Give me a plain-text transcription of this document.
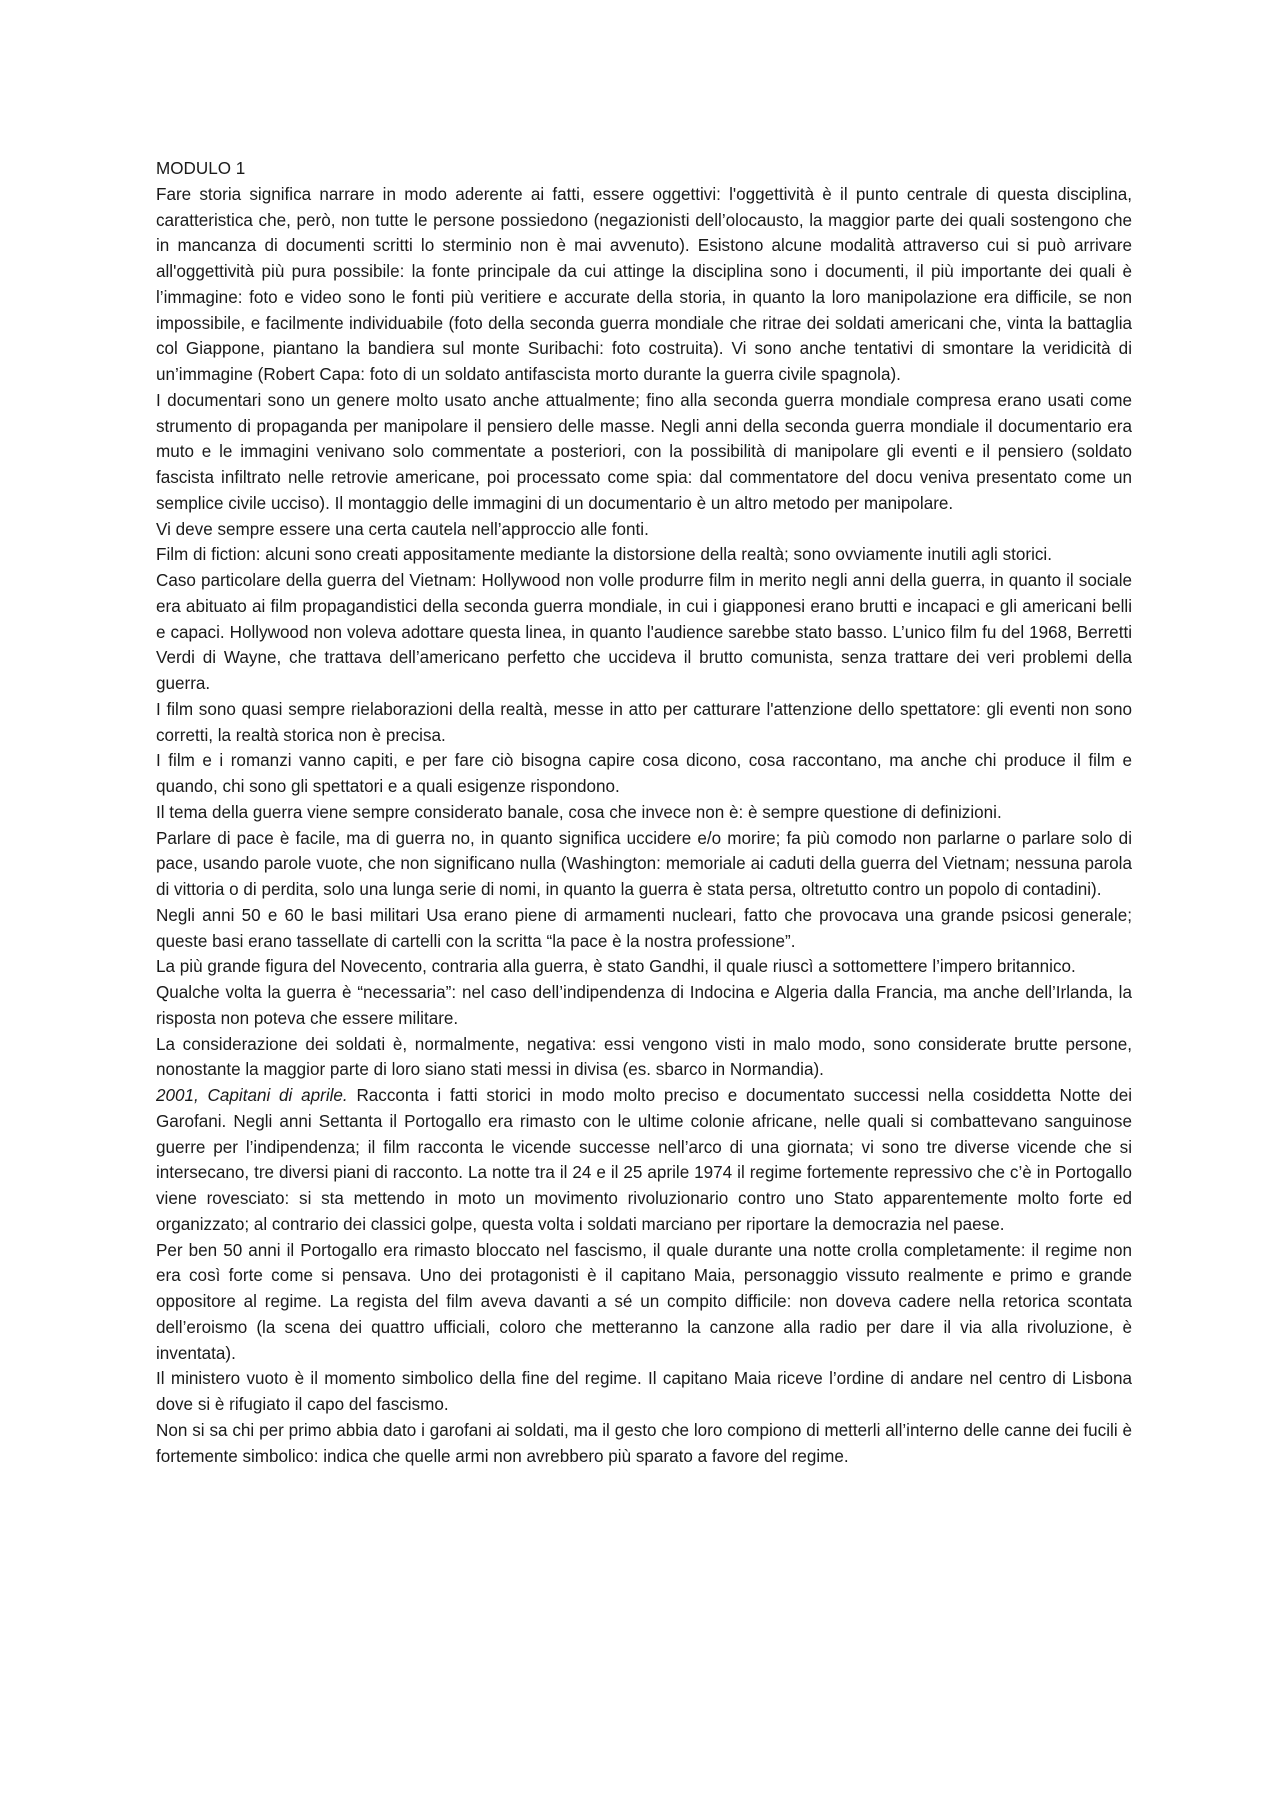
MODULO 1

Fare storia significa narrare in modo aderente ai fatti, essere oggettivi: l'oggettività è il punto centrale di questa disciplina, caratteristica che, però, non tutte le persone possiedono (negazionisti dell’olocausto, la maggior parte dei quali sostengono che in mancanza di documenti scritti lo sterminio non è mai avvenuto). Esistono alcune modalità attraverso cui si può arrivare all'oggettività più pura possibile: la fonte principale da cui attinge la disciplina sono i documenti, il più importante dei quali è l’immagine: foto e video sono le fonti più veritiere e accurate della storia, in quanto la loro manipolazione era difficile, se non impossibile, e facilmente individuabile (foto della seconda guerra mondiale che ritrae dei soldati americani che, vinta la battaglia col Giappone, piantano la bandiera sul monte Suribachi: foto costruita). Vi sono anche tentativi di smontare la veridicità di un’immagine (Robert Capa: foto di un soldato antifascista morto durante la guerra civile spagnola).

I documentari sono un genere molto usato anche attualmente; fino alla seconda guerra mondiale compresa erano usati come strumento di propaganda per manipolare il pensiero delle masse. Negli anni della seconda guerra mondiale il documentario era muto e le immagini venivano solo commentate a posteriori, con la possibilità di manipolare gli eventi e il pensiero (soldato fascista infiltrato nelle retrovie americane, poi processato come spia: dal commentatore del docu veniva presentato come un semplice civile ucciso). Il montaggio delle immagini di un documentario è un altro metodo per manipolare.

Vi deve sempre essere una certa cautela nell’approccio alle fonti.

Film di fiction: alcuni sono creati appositamente mediante la distorsione della realtà; sono ovviamente inutili agli storici.

Caso particolare della guerra del Vietnam: Hollywood non volle produrre film in merito negli anni della guerra, in quanto il sociale era abituato ai film propagandistici della seconda guerra mondiale, in cui i giapponesi erano brutti e incapaci e gli americani belli e capaci. Hollywood non voleva adottare questa linea, in quanto l'audience sarebbe stato basso. L’unico film fu del 1968, Berretti Verdi di Wayne, che trattava dell’americano perfetto che uccideva il brutto comunista, senza trattare dei veri problemi della guerra.

I film sono quasi sempre rielaborazioni della realtà, messe in atto per catturare l'attenzione dello spettatore: gli eventi non sono corretti, la realtà storica non è precisa.

I film e i romanzi vanno capiti, e per fare ciò bisogna capire cosa dicono, cosa raccontano, ma anche chi produce il film e quando, chi sono gli spettatori e a quali esigenze rispondono.

Il tema della guerra viene sempre considerato banale, cosa che invece non è: è sempre questione di definizioni.

Parlare di pace è facile, ma di guerra no, in quanto significa uccidere e/o morire; fa più comodo non parlarne o parlare solo di pace, usando parole vuote, che non significano nulla (Washington: memoriale ai caduti della guerra del Vietnam; nessuna parola di vittoria o di perdita, solo una lunga serie di nomi, in quanto la guerra è stata persa, oltretutto contro un popolo di contadini).

Negli anni 50 e 60 le basi militari Usa erano piene di armamenti nucleari, fatto che provocava una grande psicosi generale; queste basi erano tassellate di cartelli con la scritta “la pace è la nostra professione”.

La più grande figura del Novecento, contraria alla guerra, è stato Gandhi, il quale riuscì a sottomettere l’impero britannico.

Qualche volta la guerra è “necessaria”: nel caso dell’indipendenza di Indocina e Algeria dalla Francia, ma anche dell’Irlanda, la risposta non poteva che essere militare.

La considerazione dei soldati è, normalmente, negativa: essi vengono visti in malo modo, sono considerate brutte persone, nonostante la maggior parte di loro siano stati messi in divisa (es. sbarco in Normandia).

2001, Capitani di aprile. Racconta i fatti storici in modo molto preciso e documentato successi nella cosiddetta Notte dei Garofani. Negli anni Settanta il Portogallo era rimasto con le ultime colonie africane, nelle quali si combattevano sanguinose guerre per l’indipendenza; il film racconta le vicende successe nell’arco di una giornata; vi sono tre diverse vicende che si intersecano, tre diversi piani di racconto. La notte tra il 24 e il 25 aprile 1974 il regime fortemente repressivo che c’è in Portogallo viene rovesciato: si sta mettendo in moto un movimento rivoluzionario contro uno Stato apparentemente molto forte ed organizzato; al contrario dei classici golpe, questa volta i soldati marciano per riportare la democrazia nel paese.

Per ben 50 anni il Portogallo era rimasto bloccato nel fascismo, il quale durante una notte crolla completamente: il regime non era così forte come si pensava. Uno dei protagonisti è il capitano Maia, personaggio vissuto realmente e primo e grande oppositore al regime. La regista del film aveva davanti a sé un compito difficile: non doveva cadere nella retorica scontata dell’eroismo (la scena dei quattro ufficiali, coloro che metteranno la canzone alla radio per dare il via alla rivoluzione, è inventata).

Il ministero vuoto è il momento simbolico della fine del regime. Il capitano Maia riceve l’ordine di andare nel centro di Lisbona dove si è rifugiato il capo del fascismo.

Non si sa chi per primo abbia dato i garofani ai soldati, ma il gesto che loro compiono di metterli all’interno delle canne dei fucili è fortemente simbolico: indica che quelle armi non avrebbero più sparato a favore del regime.
